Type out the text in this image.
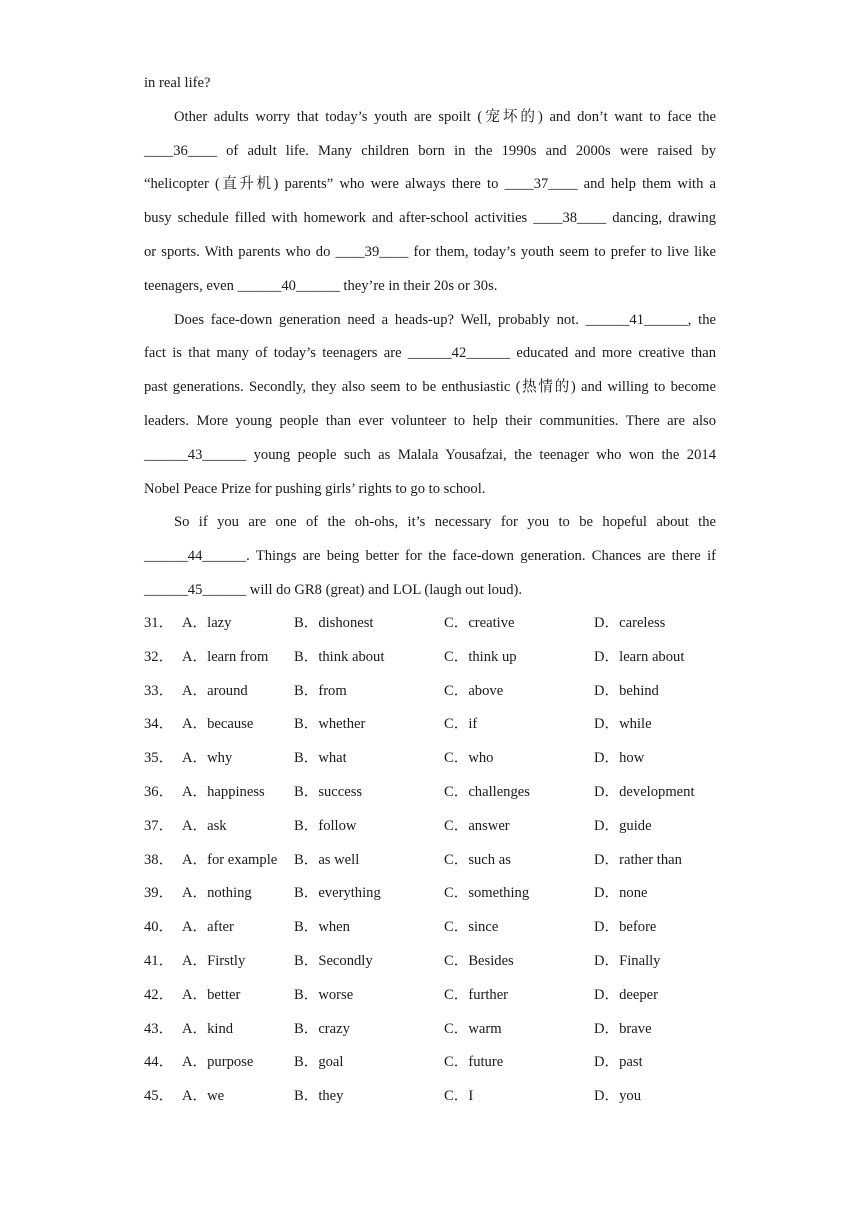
in real life?
Other adults worry that today’s youth are spoilt (宠坏的) and don’t want to face the
____36____ of adult life. Many children born in the 1990s and 2000s were raised by
“helicopter (直升机) parents” who were always there to ____37____ and help them with a
busy schedule filled with homework and after-school activities ____38____ dancing, drawing
or sports. With parents who do ____39____ for them, today’s youth seem to prefer to live like
teenagers, even ______40______ they’re in their 20s or 30s.
Does face-down generation need a heads-up? Well, probably not. ______41______, the
fact is that many of today’s teenagers are ______42______ educated and more creative than
past generations. Secondly, they also seem to be enthusiastic (热情的) and willing to become
leaders. More young people than ever volunteer to help their communities. There are also
______43______ young people such as Malala Yousafzai, the teenager who won the 2014
Nobel Peace Prize for pushing girls’ rights to go to school.
So if you are one of the oh-ohs, it’s necessary for you to be hopeful about the
______44______. Things are being better for the face-down generation. Chances are there if
______45______ will do GR8 (great) and LOL (laugh out loud).
31． A．lazy	B．dishonest	C．creative	D．careless
32． A．learn from B．think about	C．think up	D．learn about
33． A．around	B．from	C．above	D．behind
34． A．because	B．whether	C．if	D．while
35． A．why	B．what	C．who	D．how
36． A．happiness B．success	C．challenges	D．development
37． A．ask	B．follow	C．answer	D．guide
38． A．for example B．as well	C．such as	D．rather than
39． A．nothing	B．everything	C．something	D．none
40． A．after	B．when	C．since	D．before
41． A．Firstly	B．Secondly	C．Besides	D．Finally
42． A．better	B．worse	C．further	D．deeper
43． A．kind	B．crazy	C．warm	D．brave
44． A．purpose	B．goal	C．future	D．past
45． A．we	B．they	C．I	D．you
